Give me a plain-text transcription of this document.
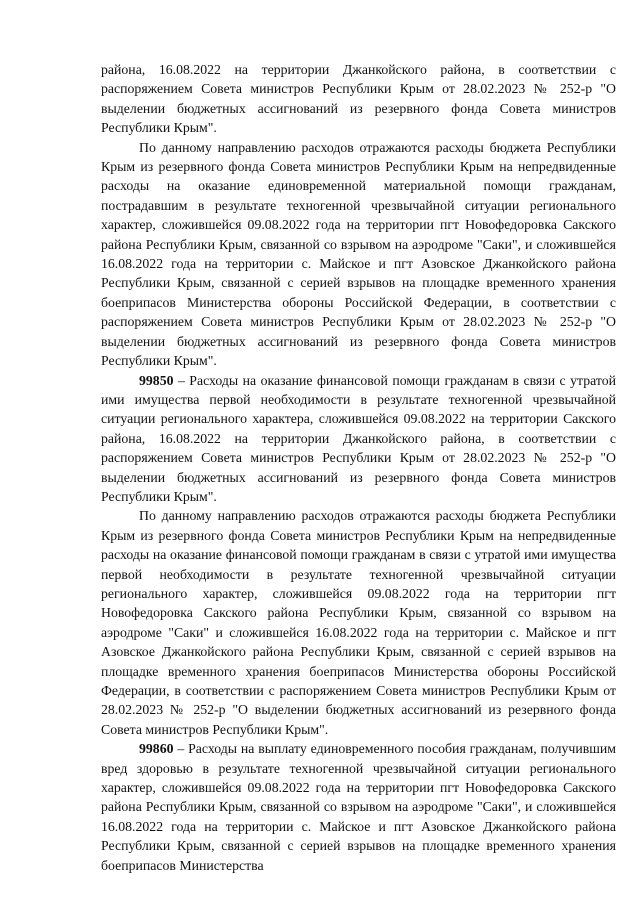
района, 16.08.2022 на территории Джанкойского района, в соответствии с распоряжением Совета министров Республики Крым от 28.02.2023 № 252-р "О выделении бюджетных ассигнований из резервного фонда Совета министров Республики Крым".

По данному направлению расходов отражаются расходы бюджета Республики Крым из резервного фонда Совета министров Республики Крым на непредвиденные расходы на оказание единовременной материальной помощи гражданам, пострадавшим в результате техногенной чрезвычайной ситуации регионального характер, сложившейся 09.08.2022 года на территории пгт Новофедоровка Сакского района Республики Крым, связанной со взрывом на аэродроме "Саки", и сложившейся 16.08.2022 года на территории с. Майское и пгт Азовское Джанкойского района Республики Крым, связанной с серией взрывов на площадке временного хранения боеприпасов Министерства обороны Российской Федерации, в соответствии с распоряжением Совета министров Республики Крым от 28.02.2023 № 252-р "О выделении бюджетных ассигнований из резервного фонда Совета министров Республики Крым".

99850 – Расходы на оказание финансовой помощи гражданам в связи с утратой ими имущества первой необходимости в результате техногенной чрезвычайной ситуации регионального характера, сложившейся 09.08.2022 на территории Сакского района, 16.08.2022 на территории Джанкойского района, в соответствии с распоряжением Совета министров Республики Крым от 28.02.2023 № 252-р "О выделении бюджетных ассигнований из резервного фонда Совета министров Республики Крым".

По данному направлению расходов отражаются расходы бюджета Республики Крым из резервного фонда Совета министров Республики Крым на непредвиденные расходы на оказание финансовой помощи гражданам в связи с утратой ими имущества первой необходимости в результате техногенной чрезвычайной ситуации регионального характер, сложившейся 09.08.2022 года на территории пгт Новофедоровка Сакского района Республики Крым, связанной со взрывом на аэродроме "Саки" и сложившейся 16.08.2022 года на территории с. Майское и пгт Азовское Джанкойского района Республики Крым, связанной с серией взрывов на площадке временного хранения боеприпасов Министерства обороны Российской Федерации, в соответствии с распоряжением Совета министров Республики Крым от 28.02.2023 № 252-р "О выделении бюджетных ассигнований из резервного фонда Совета министров Республики Крым".

99860 – Расходы на выплату единовременного пособия гражданам, получившим вред здоровью в результате техногенной чрезвычайной ситуации регионального характер, сложившейся 09.08.2022 года на территории пгт Новофедоровка Сакского района Республики Крым, связанной со взрывом на аэродроме "Саки", и сложившейся 16.08.2022 года на территории с. Майское и пгт Азовское Джанкойского района Республики Крым, связанной с серией взрывов на площадке временного хранения боеприпасов Министерства
